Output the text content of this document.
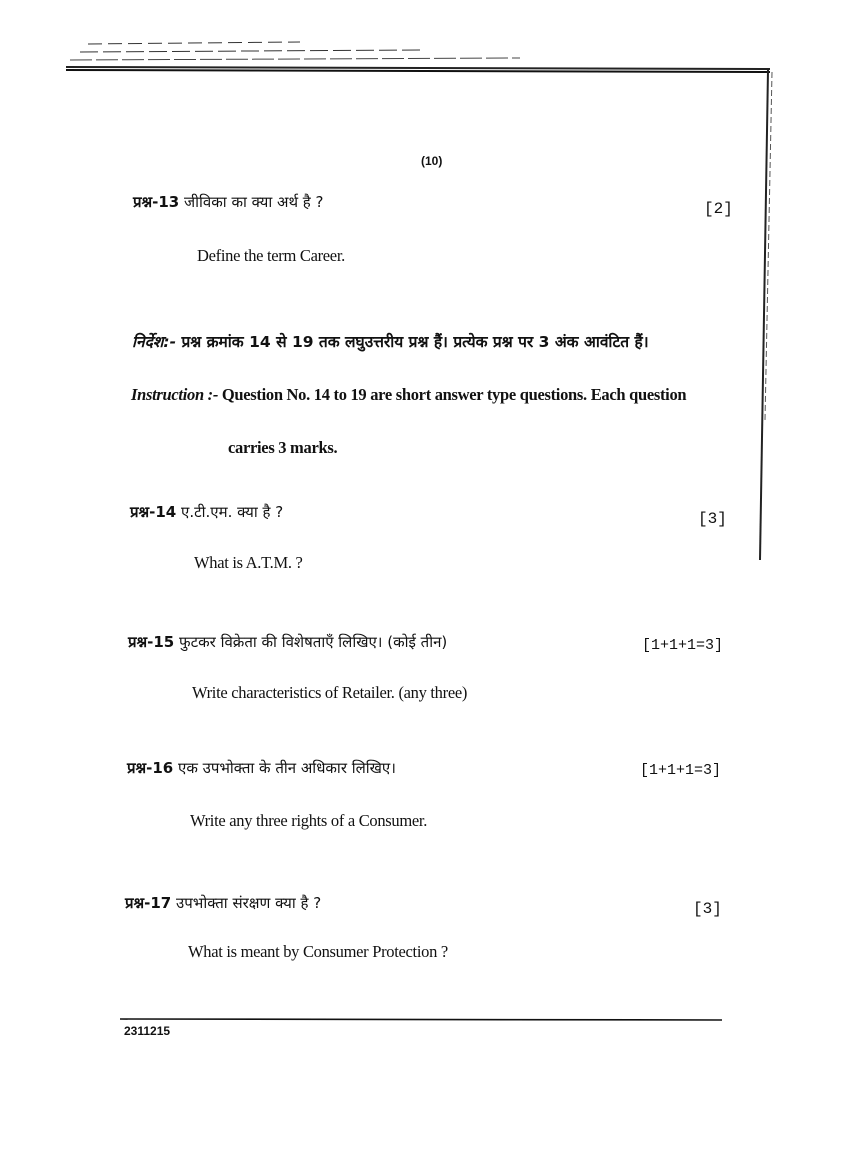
(10)
प्रश्न-13 जीविका का क्या अर्थ है ?	[2]
Define the term Career.
निर्देश:- प्रश्न क्रमांक 14 से 19 तक लघुउत्तरीय प्रश्न हैं। प्रत्येक प्रश्न पर 3 अंक आवंटित हैं।
Instruction :- Question No. 14 to 19 are short answer type questions. Each question
carries 3 marks.
प्रश्न-14 ए.टी.एम. क्या है ?	[3]
What is A.T.M. ?
प्रश्न-15 फुटकर विक्रेता की विशेषताएँ लिखिए। (कोई तीन)	[1+1+1=3]
Write characteristics of Retailer. (any three)
प्रश्न-16 एक उपभोक्ता के तीन अधिकार लिखिए।	[1+1+1=3]
Write any three rights of a Consumer.
प्रश्न-17 उपभोक्ता संरक्षण क्या है ?	[3]
What is meant by Consumer Protection ?
2311215
